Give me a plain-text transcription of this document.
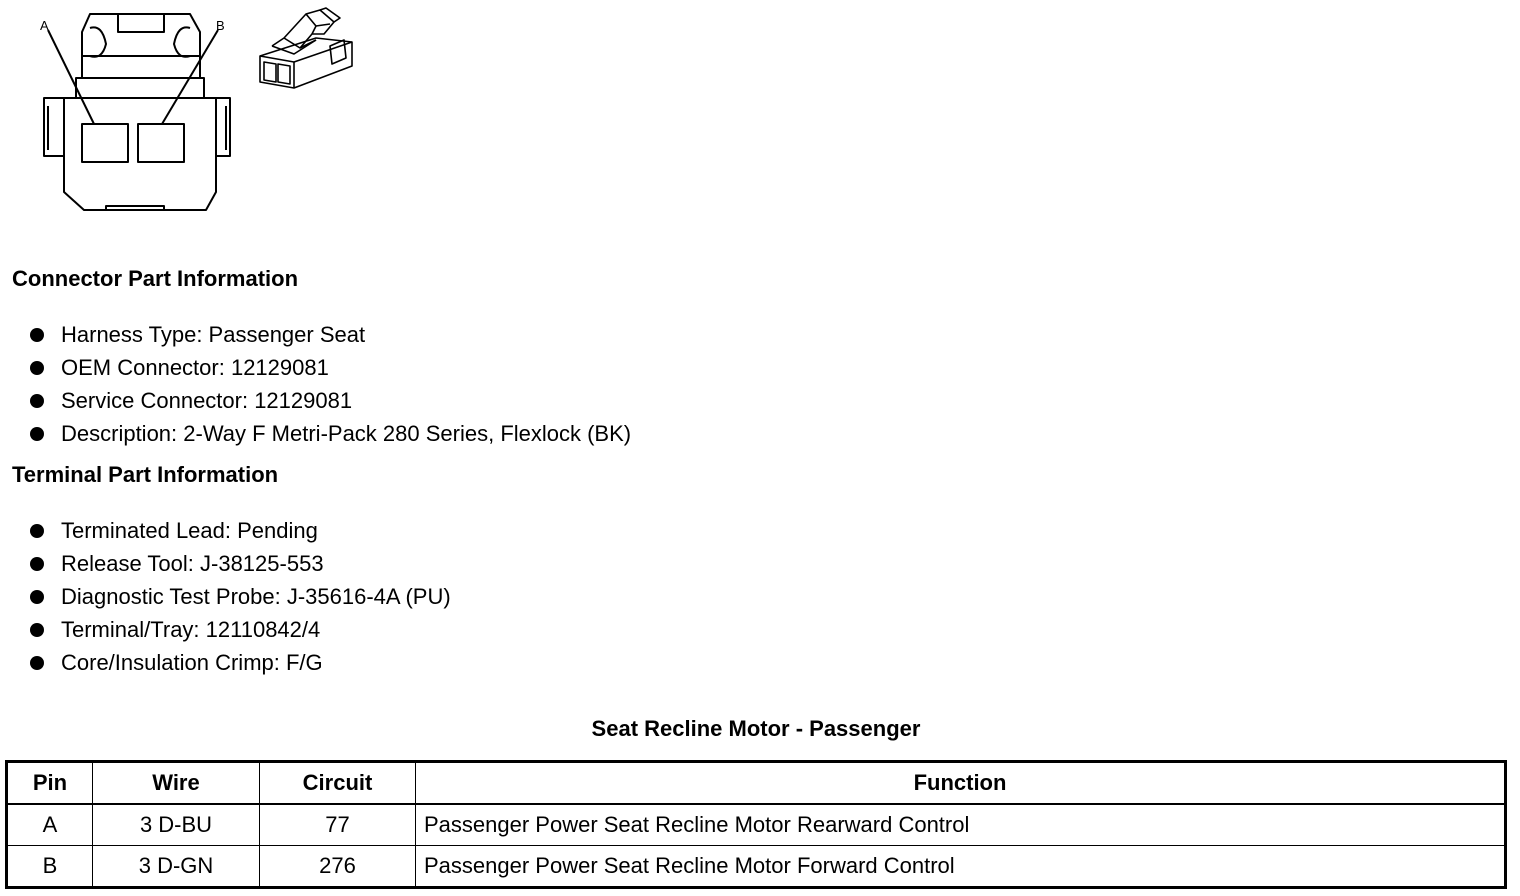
A	B
Connector Part Information
Harness Type: Passenger Seat
OEM Connector: 12129081
Service Connector: 12129081
Description: 2-Way F Metri-Pack 280 Series, Flexlock (BK)
Terminal Part Information
Terminated Lead: Pending
Release Tool: J-38125-553
Diagnostic Test Probe: J-35616-4A (PU)
Terminal/Tray: 12110842/4
Core/Insulation Crimp: F/G
Seat Recline Motor - Passenger
Pin	Wire	Circuit	Function
A	3 D-BU	77	Passenger Power Seat Recline Motor Rearward Control
B	3 D-GN	276	Passenger Power Seat Recline Motor Forward Control
